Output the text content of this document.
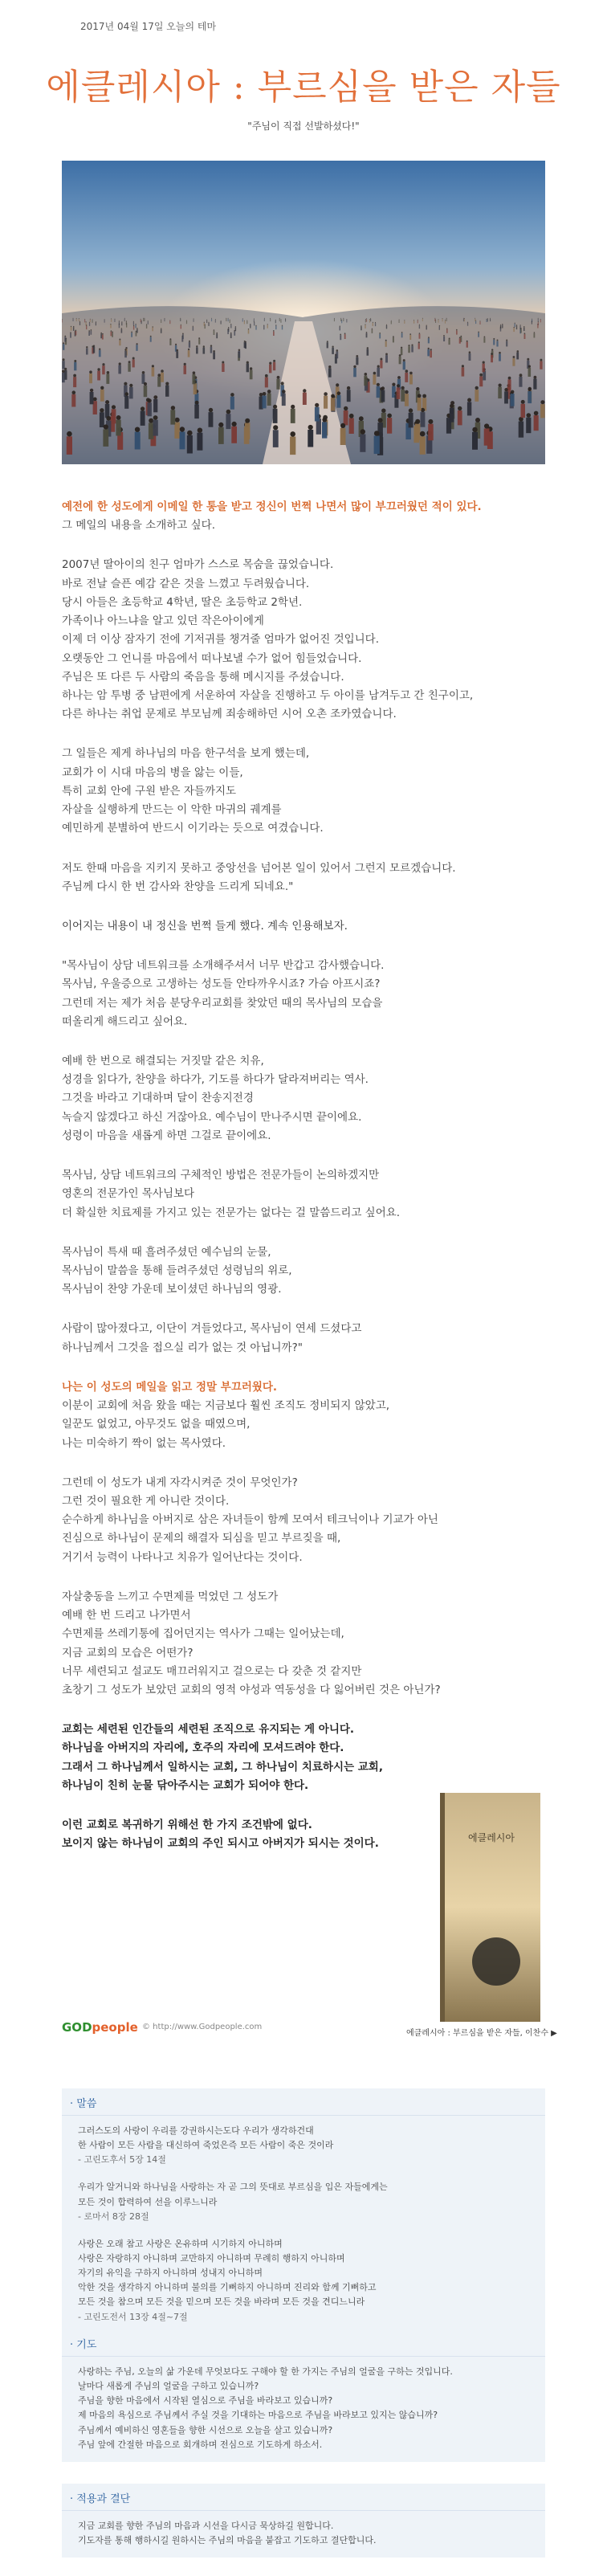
2017년 04월 17일 오늘의 테마
에클레시아 : 부르심을 받은 자들
"주님이 직접 선발하셨다!"
예전에 한 성도에게 이메일 한 통을 받고 정신이 번쩍 나면서 많이 부끄러웠던 적이 있다.
그 메일의 내용을 소개하고 싶다.
2007년 딸아이의 친구 엄마가 스스로 목숨을 끊었습니다.
바로 전날 슬픈 예감 같은 것을 느꼈고 두려웠습니다.
당시 아들은 초등학교 4학년, 딸은 초등학교 2학년.
가족이나 아느냐을 알고 있던 작은아이에게
이제 더 이상 잠자기 전에 기저귀를 챙겨줄 엄마가 없어진 것입니다.
오랫동안 그 언니를 마음에서 떠나보낼 수가 없어 힘들었습니다.
주님은 또 다른 두 사람의 죽음을 통해 메시지를 주셨습니다.
하나는 암 투병 중 남편에게 서운하여 자살을 진행하고 두 아이를 남겨두고 간 친구이고,
다른 하나는 취업 문제로 부모님께 죄송해하던 시어 오촌 조카였습니다.
그 일들은 제게 하나님의 마음 한구석을 보게 했는데,
교회가 이 시대 마음의 병을 앓는 이들,
특히 교회 안에 구원 받은 자들까지도
자살을 실행하게 만드는 이 악한 마귀의 궤계를
예민하게 분별하여 반드시 이기라는 듯으로 여겼습니다.
저도 한때 마음을 지키지 못하고 중앙선을 넘어본 일이 있어서 그런지 모르겠습니다.
주님께 다시 한 번 감사와 찬양을 드리게 되네요."
이어지는 내용이 내 정신을 번쩍 들게 했다. 계속 인용해보자.
"목사님이 상담 네트워크를 소개해주셔서 너무 반갑고 감사했습니다.
목사님, 우울증으로 고생하는 성도들 안타까우시죠? 가슴 아프시죠?
그런데 저는 제가 처음 분당우리교회를 찾았던 때의 목사님의 모습을
떠올리게 해드리고 싶어요.
예배 한 번으로 해결되는 거짓말 같은 치유,
성경을 읽다가, 찬양을 하다가, 기도를 하다가 달라져버리는 역사.
그것을 바라고 기대하며 달이 찬송지전경
녹슬지 않겠다고 하신 거잖아요. 예수님이 만나주시면 끝이에요.
성령이 마음을 새롭게 하면 그걸로 끝이에요.
목사님, 상담 네트워크의 구체적인 방법은 전문가들이 논의하겠지만
영혼의 전문가인 목사님보다
더 확실한 치료제를 가지고 있는 전문가는 없다는 걸 말씀드리고 싶어요.
목사님이 특새 때 흘려주셨던 예수님의 눈물,
목사님이 말씀을 통해 들려주셨던 성령님의 위로,
목사님이 찬양 가운데 보이셨던 하나님의 영광.
사람이 많아졌다고, 이단이 겨들었다고, 목사님이 연세 드셨다고
하나님께서 그것을 접으실 리가 없는 것 아닙니까?"
나는 이 성도의 메일을 읽고 정말 부끄러웠다.
이분이 교회에 처음 왔을 때는 지금보다 훨씬 조직도 정비되지 않았고,
일꾼도 없었고, 아무것도 없을 때였으며,
나는 미숙하기 짝이 없는 목사였다.
그런데 이 성도가 내게 자각시켜준 것이 무엇인가?
그런 것이 필요한 게 아니란 것이다.
순수하게 하나님을 아버지로 삼은 자녀들이 함께 모여서 테크닉이나 기교가 아닌
진심으로 하나님이 문제의 해결자 되심을 믿고 부르짖을 때,
거기서 능력이 나타나고 치유가 일어난다는 것이다.
자살충동을 느끼고 수면제를 먹었던 그 성도가
예배 한 번 드리고 나가면서
수면제를 쓰레기통에 집어던지는 역사가 그때는 일어났는데,
지금 교회의 모습은 어떤가?
너무 세련되고 설교도 매끄러워지고 걸으로는 다 갖춘 것 같지만
초창기 그 성도가 보았던 교회의 영적 야성과 역동성을 다 잃어버린 것은 아닌가?
교회는 세련된 인간들의 세련된 조직으로 유지되는 게 아니다.
하나님을 아버지의 자리에, 호주의 자리에 모셔드려야 한다.
그래서 그 하나님께서 일하시는 교회, 그 하나님이 치료하시는 교회,
하나님이 친히 눈물 닦아주시는 교회가 되어야 한다.
이런 교회로 복귀하기 위해선 한 가지 조건밖에 없다.
보이지 않는 하나님이 교회의 주인 되시고 아버지가 되시는 것이다.	에클레시아
에클레시아 : 부르심을 받은 자들, 이찬수 ▶
GODpeople © http://www.Godpeople.com
· 말씀
그러스도의 사랑이 우리를 강권하시는도다 우리가 생각하건대
한 사람이 모든 사람을 대신하여 죽었은즉 모든 사람이 죽은 것이라
- 고린도후서 5장 14절
우리가 알거니와 하나님을 사랑하는 자 곧 그의 뜻대로 부르심을 입은 자들에게는
모든 것이 합력하여 선을 이루느니라
- 로마서 8장 28절
사랑은 오래 참고 사랑은 온유하며 시기하지 아니하며
사랑은 자랑하지 아니하며 교만하지 아니하며 무례히 행하지 아니하며
자기의 유익을 구하지 아니하며 성내지 아니하며
악한 것을 생각하지 아니하며 불의를 기뻐하지 아니하며 진리와 함께 기뻐하고
모든 것을 참으며 모든 것을 믿으며 모든 것을 바라며 모든 것을 견디느니라
- 고린도전서 13장 4절~7절
· 기도
사랑하는 주님, 오늘의 삶 가운데 무엇보다도 구해야 할 한 가지는 주님의 얼굴을 구하는 것입니다.
날마다 새롭게 주님의 얼굴을 구하고 있습니까?
주님을 향한 마음에서 시작된 열심으로 주님을 바라보고 있습니까?
제 마음의 욕심으로 주님께서 주실 것을 기대하는 마음으로 주님을 바라보고 있지는 않습니까?
주님께서 예비하신 영혼들을 향한 시선으로 오늘을 살고 있습니까?
주님 앞에 간절한 마음으로 회개하며 전심으로 기도하게 하소서.
· 적용과 결단
지금 교회를 향한 주님의 마음과 시선을 다시금 묵상하길 원합니다.
기도자를 통해 행하시길 원하시는 주님의 마음을 붙잡고 기도하고 결단합니다.
